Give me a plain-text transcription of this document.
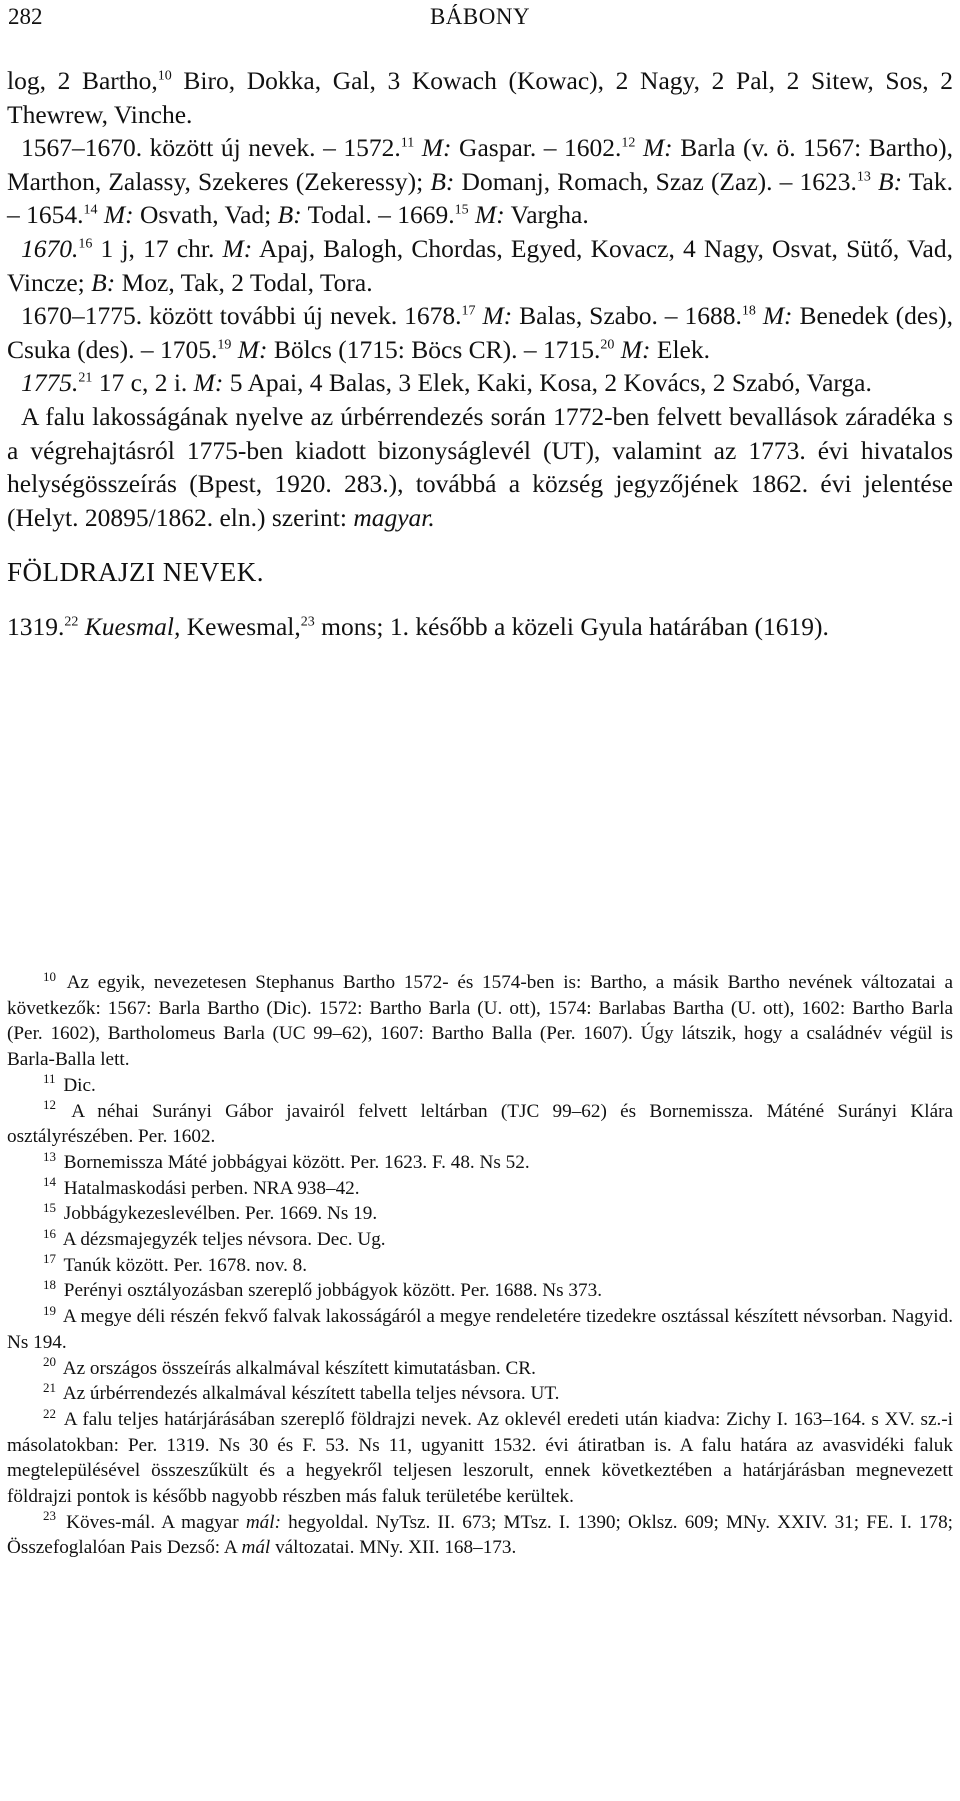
282	BÁBONY

log, 2 Bartho,$^{10}$ Biro, Dokka, Gal, 3 Kowach (Kowac), 2 Nagy, 2 Pal, 2 Sitew, Sos, 2 Thewrew, Vinche.

1567–1670. között új nevek. – 1572.11 M: Gaspar. – 1602.12 M: Barla (v. ö. 1567: Bartho), Marthon, Zalassy, Szekeres (Zekeressy); B: Domanj, Romach, Szaz (Zaz). – 1623.13 B: Tak. – 1654.14 M: Osvath, Vad; B: Todal. – 1669.15 M: Vargha.

1670.16 1 j, 17 chr. M: Apaj, Balogh, Chordas, Egyed, Kovacz, 4 Nagy, Osvat, Sütő, Vad, Vincze; B: Moz, Tak, 2 Todal, Tora.

1670–1775. között további új nevek. 1678.17 M: Balas, Szabo. – 1688.18 M: Benedek (des), Csuka (des). – 1705.19 M: Bölcs (1715: Böcs CR). – 1715.20 M: Elek.

1775.21 17 c, 2 i. M: 5 Apai, 4 Balas, 3 Elek, Kaki, Kosa, 2 Kovács, 2 Szabó, Varga.

A falu lakosságának nyelve az úrbérrendezés során 1772-ben felvett bevallások záradéka s a végrehajtásról 1775-ben kiadott bizonyságlevél (UT), valamint az 1773. évi hivatalos helységösszeírás (Bpest, 1920. 283.), továbbá a község jegyzőjének 1862. évi jelentése (Helyt. 20895/1862. eln.) szerint: magyar.

FÖLDRAJZI NEVEK.

1319.22 Kuesmal, Kewesmal,$^{23}$ mons; 1. később a közeli Gyula határában (1619).

$^{10}$ Az egyik, nevezetesen Stephanus Bartho 1572- és 1574-ben is: Bartho, a másik Bartho nevének változatai a következők: 1567: Barla Bartho (Dic). 1572: Bartho Barla (U. ott), 1574: Barlabas Bartha (U. ott), 1602: Bartho Barla (Per. 1602), Bartholomeus Barla (UC 99–62), 1607: Bartho Balla (Per. 1607). Úgy látszik, hogy a családnév végül is Barla-Balla lett.

$^{11}$ Dic.

$^{12}$ A néhai Surányi Gábor javairól felvett leltárban (TJC 99–62) és Bornemissza. Máténé Surányi Klára osztályrészében. Per. 1602.

$^{13}$ Bornemissza Máté jobbágyai között. Per. 1623. F. 48. Ns 52.

$^{14}$ Hatalmaskodási perben. NRA 938–42.

$^{15}$ Jobbágykezeslevélben. Per. 1669. Ns 19.

$^{16}$ A dézsmajegyzék teljes névsora. Dec. Ug.

$^{17}$ Tanúk között. Per. 1678. nov. 8.

$^{18}$ Perényi osztályozásban szereplő jobbágyok között. Per. 1688. Ns 373.

$^{19}$ A megye déli részén fekvő falvak lakosságáról a megye rendeletére tizedekre osztással készített névsorban. Nagyid. Ns 194.

$^{20}$ Az országos összeírás alkalmával készített kimutatásban. CR.

$^{21}$ Az úrbérrendezés alkalmával készített tabella teljes névsora. UT.

$^{22}$ A falu teljes határjárásában szereplő földrajzi nevek. Az oklevél eredeti után kiadva: Zichy I. 163–164. s XV. sz.-i másolatokban: Per. 1319. Ns 30 és F. 53. Ns 11, ugyanitt 1532. évi átiratban is. A falu határa az avasvidéki faluk megtelepülésével összeszűkült és a hegyekről teljesen leszorult, ennek következtében a határjárásban megnevezett földrajzi pontok is később nagyobb részben más faluk területébe kerültek.

$^{23}$ Köves-mál. A magyar mál: hegyoldal. NyTsz. II. 673; MTsz. I. 1390; Oklsz. 609; MNy. XXIV. 31; FE. I. 178; Összefoglalóan Pais Dezső: A mál változatai. MNy. XII. 168–173.
